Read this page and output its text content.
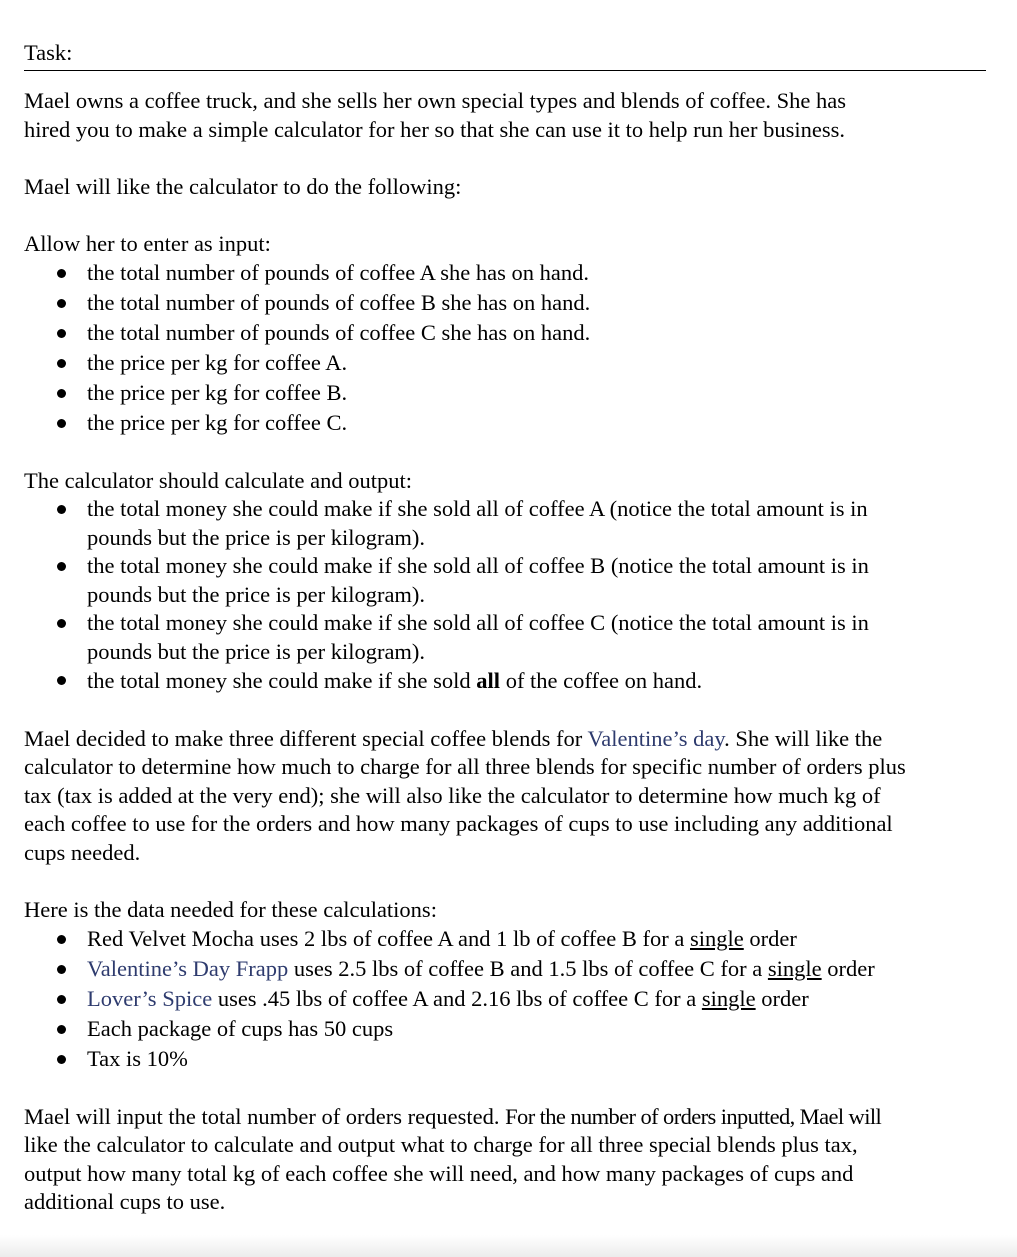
Task:

Mael owns a coffee truck, and she sells her own special types and blends of coffee. She has
hired you to make a simple calculator for her so that she can use it to help run her business.

Mael will like the calculator to do the following:

Allow her to enter as input:

the total number of pounds of coffee A she has on hand.
the total number of pounds of coffee B she has on hand.
the total number of pounds of coffee C she has on hand.
the price per kg for coffee A.
the price per kg for coffee B.
the price per kg for coffee C.

The calculator should calculate and output:

the total money she could make if she sold all of coffee A (notice the total amount is in
pounds but the price is per kilogram).
the total money she could make if she sold all of coffee B (notice the total amount is in
pounds but the price is per kilogram).
the total money she could make if she sold all of coffee C (notice the total amount is in
pounds but the price is per kilogram).
the total money she could make if she sold all of the coffee on hand.

Mael decided to make three different special coffee blends for Valentine’s day. She will like the
calculator to determine how much to charge for all three blends for specific number of orders plus
tax (tax is added at the very end); she will also like the calculator to determine how much kg of
each coffee to use for the orders and how many packages of cups to use including any additional
cups needed.

Here is the data needed for these calculations:

Red Velvet Mocha uses 2 lbs of coffee A and 1 lb of coffee B for a single order
Valentine’s Day Frapp uses 2.5 lbs of coffee B and 1.5 lbs of coffee C for a single order
Lover’s Spice uses .45 lbs of coffee A and 2.16 lbs of coffee C for a single order
Each package of cups has 50 cups
Tax is 10%

Mael will input the total number of orders requested. For the number of orders inputted, Mael will
like the calculator to calculate and output what to charge for all three special blends plus tax,
output how many total kg of each coffee she will need, and how many packages of cups and
additional cups to use.
